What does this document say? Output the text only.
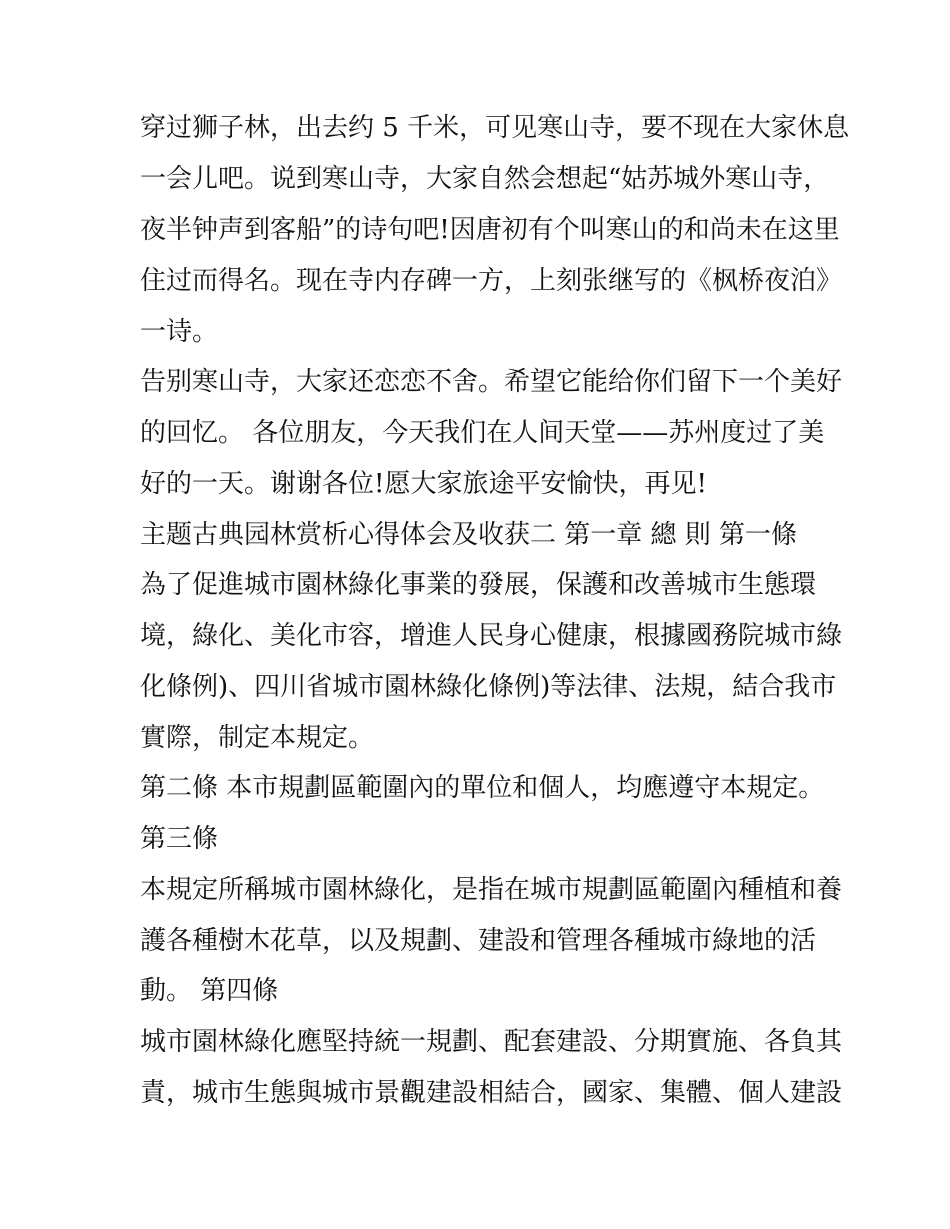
穿过狮子林，出去约 5 千米，可见寒山寺，要不现在大家休息
一会儿吧。说到寒山寺，大家自然会想起“姑苏城外寒山寺，
夜半钟声到客船”的诗句吧!因唐初有个叫寒山的和尚未在这里
住过而得名。现在寺内存碑一方，上刻张继写的《枫桥夜泊》
一诗。
告别寒山寺，大家还恋恋不舍。希望它能给你们留下一个美好
的回忆。 各位朋友，今天我们在人间天堂——苏州度过了美
好的一天。谢谢各位!愿大家旅途平安愉快，再见!
主题古典园林赏析心得体会及收获二 第一章 總 則 第一條
為了促進城市園林綠化事業的發展，保護和改善城市生態環
境，綠化、美化市容，增進人民身心健康，根據國務院城市綠
化條例)、四川省城市園林綠化條例)等法律、法規，結合我市
實際，制定本規定。
第二條 本市規劃區範圍內的單位和個人，均應遵守本規定。
第三條
本規定所稱城市園林綠化，是指在城市規劃區範圍內種植和養
護各種樹木花草，以及規劃、建設和管理各種城市綠地的活
動。 第四條
城市園林綠化應堅持統一規劃、配套建設、分期實施、各負其
責，城市生態與城市景觀建設相結合，國家、集體、個人建設
